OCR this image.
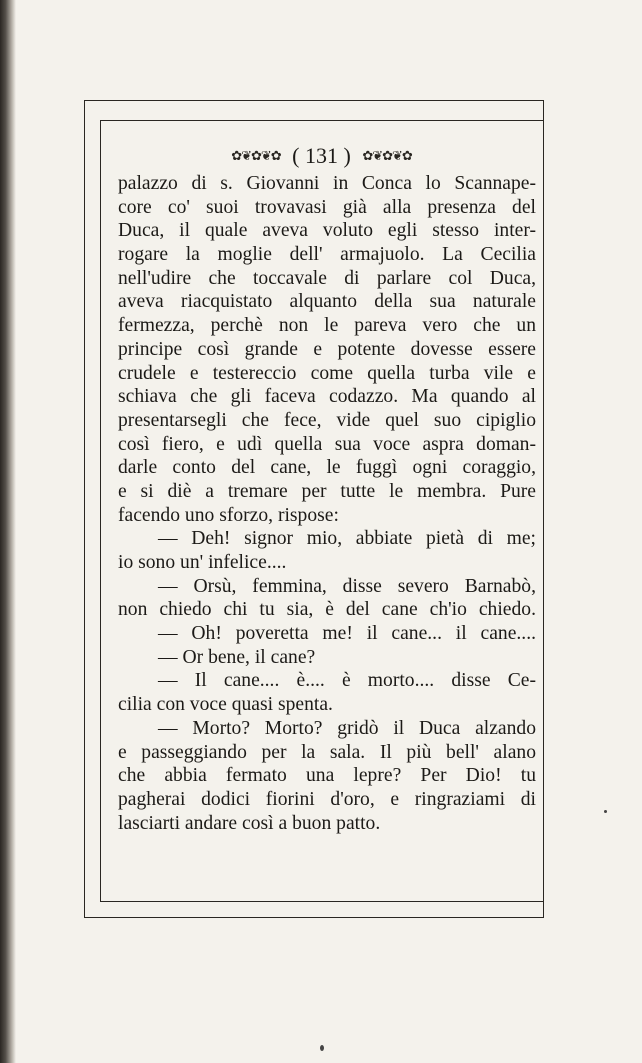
✿❦✿❦✿ ( 131 ) ✿❦✿❦✿
palazzo di s. Giovanni in Conca lo Scannape-
core co' suoi trovavasi già alla presenza del
Duca, il quale aveva voluto egli stesso inter-
rogare la moglie dell' armajuolo. La Cecilia
nell'udire che toccavale di parlare col Duca,
aveva riacquistato alquanto della sua naturale
fermezza, perchè non le pareva vero che un
principe così grande e potente dovesse essere
crudele e testereccio come quella turba vile e
schiava che gli faceva codazzo. Ma quando al
presentarsegli che fece, vide quel suo cipiglio
così fiero, e udì quella sua voce aspra doman-
darle conto del cane, le fuggì ogni coraggio,
e si diè a tremare per tutte le membra. Pure
facendo uno sforzo, rispose:
— Deh! signor mio, abbiate pietà di me;
io sono un' infelice....
— Orsù, femmina, disse severo Barnabò,
non chiedo chi tu sia, è del cane ch'io chiedo.
— Oh! poveretta me! il cane... il cane....
— Or bene, il cane?
— Il cane.... è.... è morto.... disse Ce-
cilia con voce quasi spenta.
— Morto? Morto? gridò il Duca alzando
e passeggiando per la sala. Il più bell' alano
che abbia fermato una lepre? Per Dio! tu
pagherai dodici fiorini d'oro, e ringraziami di
lasciarti andare così a buon patto.
